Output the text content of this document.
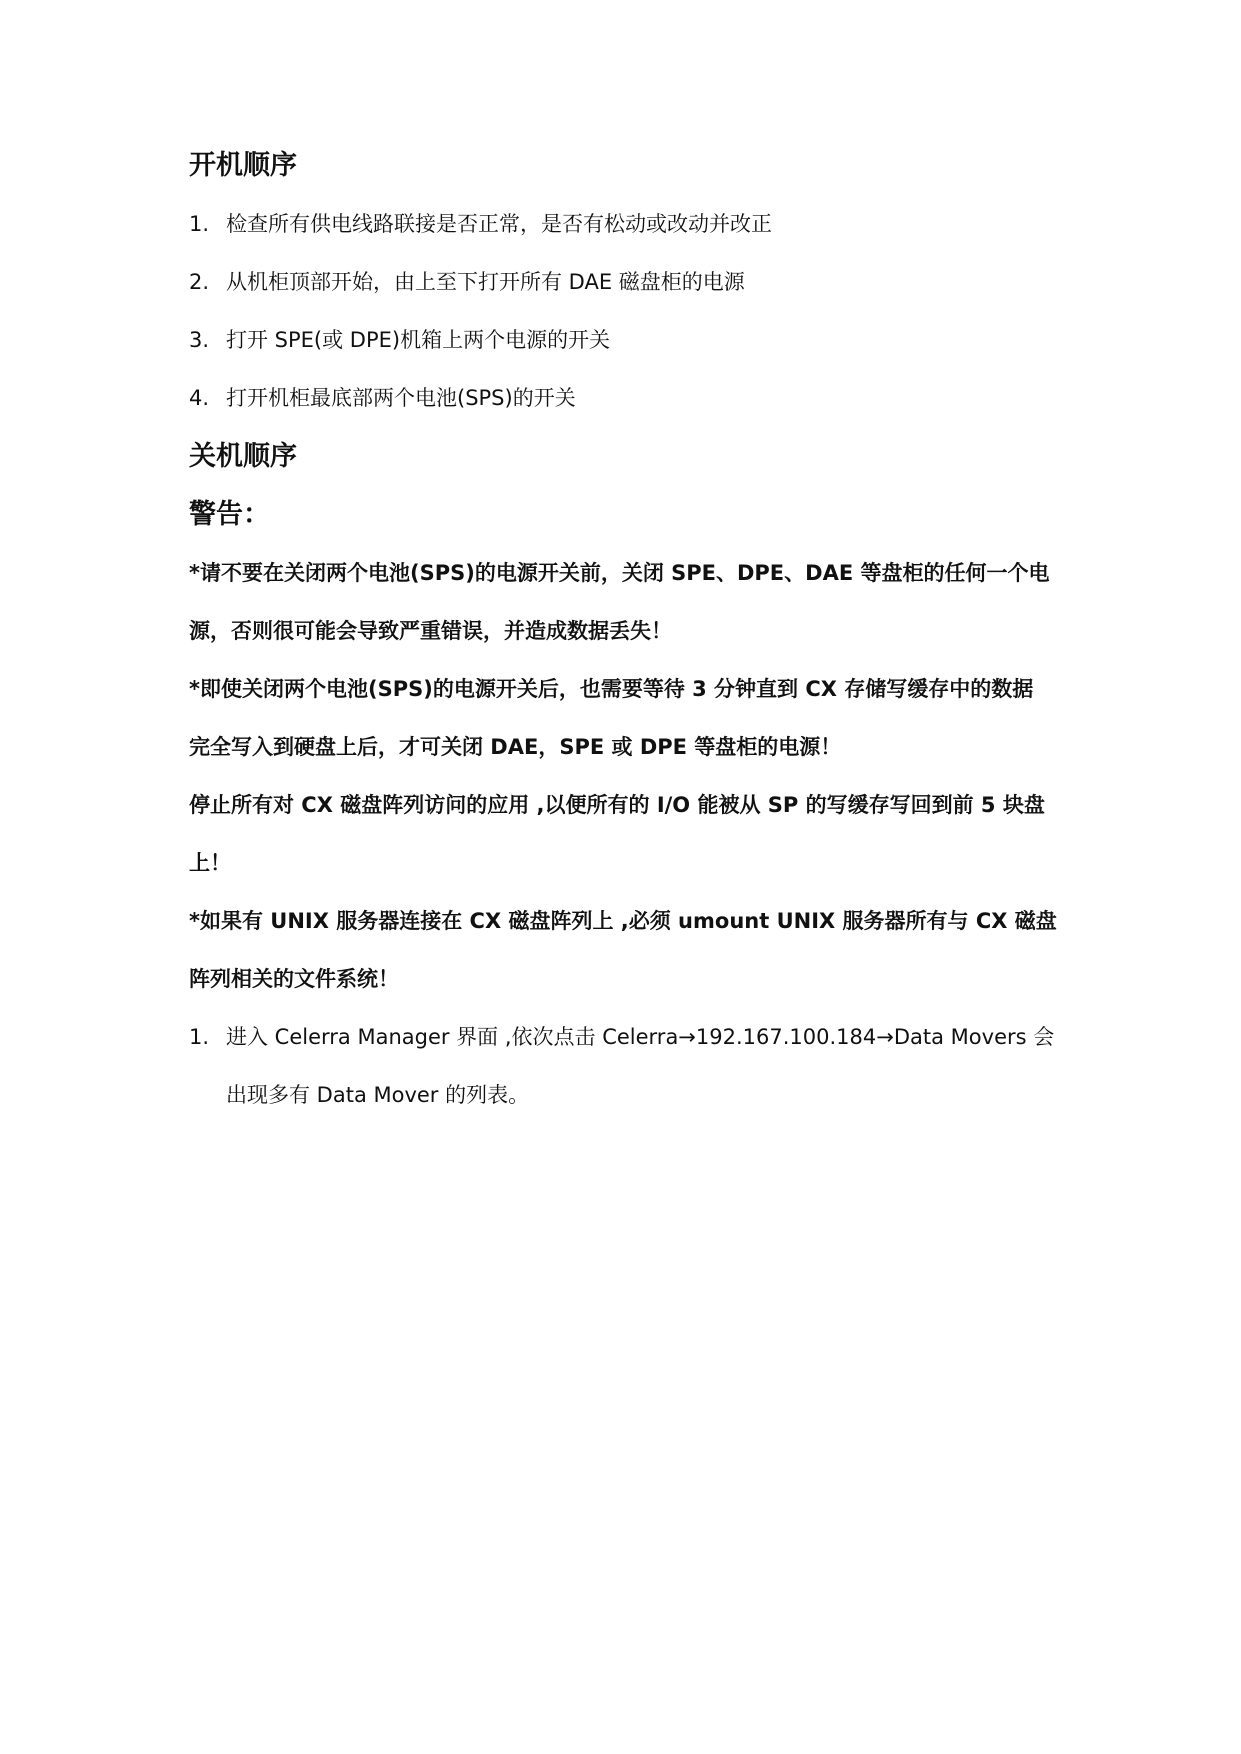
开机顺序
1. 检查所有供电线路联接是否正常，是否有松动或改动并改正
2. 从机柜顶部开始，由上至下打开所有 DAE 磁盘柜的电源
3. 打开 SPE(或 DPE)机箱上两个电源的开关
4. 打开机柜最底部两个电池(SPS)的开关
关机顺序
警告：
*请不要在关闭两个电池(SPS)的电源开关前，关闭 SPE、DPE、DAE 等盘柜的任何一个电
源，否则很可能会导致严重错误，并造成数据丢失！
*即使关闭两个电池(SPS)的电源开关后，也需要等待 3 分钟直到 CX 存储写缓存中的数据
完全写入到硬盘上后，才可关闭 DAE，SPE 或 DPE 等盘柜的电源！
停止所有对 CX 磁盘阵列访问的应用 ,以便所有的 I/O 能被从 SP 的写缓存写回到前 5 块盘
上！
*如果有 UNIX 服务器连接在 CX 磁盘阵列上 ,必须 umount UNIX 服务器所有与 CX 磁盘
阵列相关的文件系统！
1. 进入 Celerra Manager 界面 ,依次点击 Celerra→192.167.100.184→Data Movers 会
出现多有 Data Mover 的列表。
